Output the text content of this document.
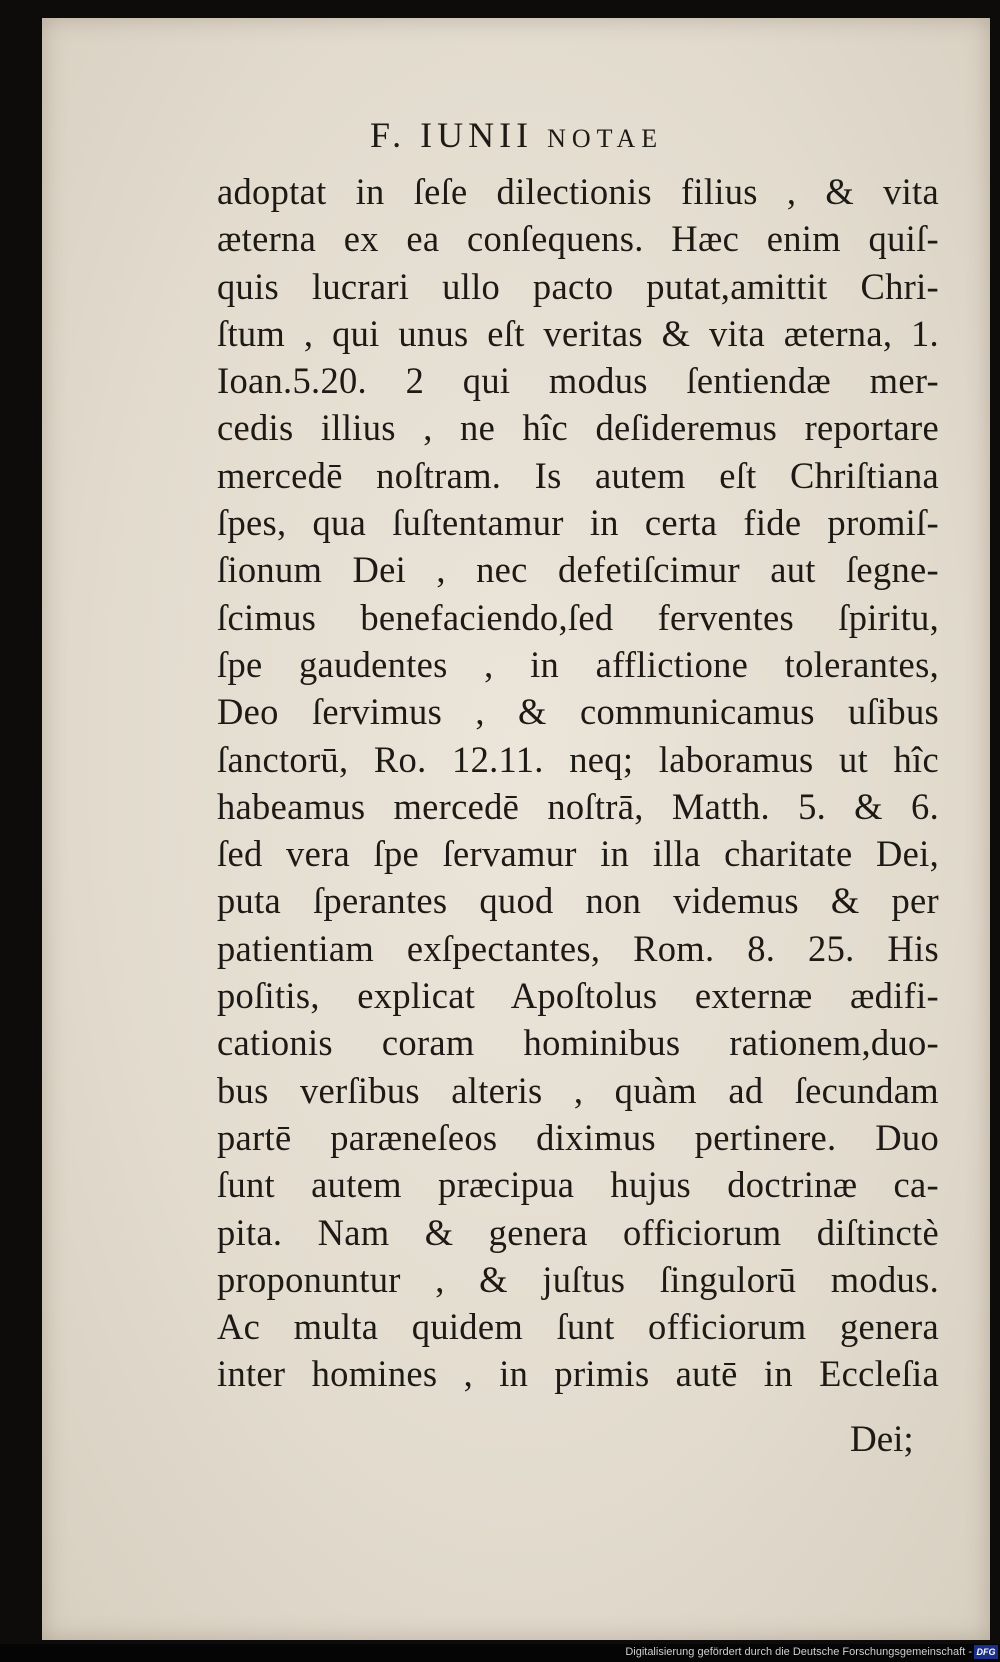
F. IUNII NOTAE
adoptat in ſeſe dilectionis filius , & vita
æterna ex ea conſequens. Hæc enim quiſ-
quis lucrari ullo pacto putat,amittit Chri-
ſtum , qui unus eſt veritas & vita æterna, 1.
Ioan.5.20. 2 qui modus ſentiendæ mer-
cedis illius , ne hîc deſideremus reportare
mercedē noſtram. Is autem eſt Chriſtiana
ſpes, qua ſuſtentamur in certa fide promiſ-
ſionum Dei , nec defetiſcimur aut ſegne-
ſcimus benefaciendo,ſed ferventes ſpiritu,
ſpe gaudentes , in afflictione tolerantes,
Deo ſervimus , & communicamus uſibus
ſanctorū, Ro. 12.11. neq; laboramus ut hîc
habeamus mercedē noſtrā, Matth. 5. & 6.
ſed vera ſpe ſervamur in illa charitate Dei,
puta ſperantes quod non videmus & per
patientiam exſpectantes, Rom. 8. 25. His
poſitis, explicat Apoſtolus externæ ædifi-
cationis coram hominibus rationem,duo-
bus verſibus alteris , quàm ad ſecundam
partē paræneſeos diximus pertinere. Duo
ſunt autem præcipua hujus doctrinæ ca-
pita. Nam & genera officiorum diſtinctè
proponuntur , & juſtus ſingulorū modus.
Ac multa quidem ſunt officiorum genera
inter homines , in primis autē in Eccleſia
Dei;
Digitalisierung gefördert durch die Deutsche Forschungsgemeinschaft - DFG
